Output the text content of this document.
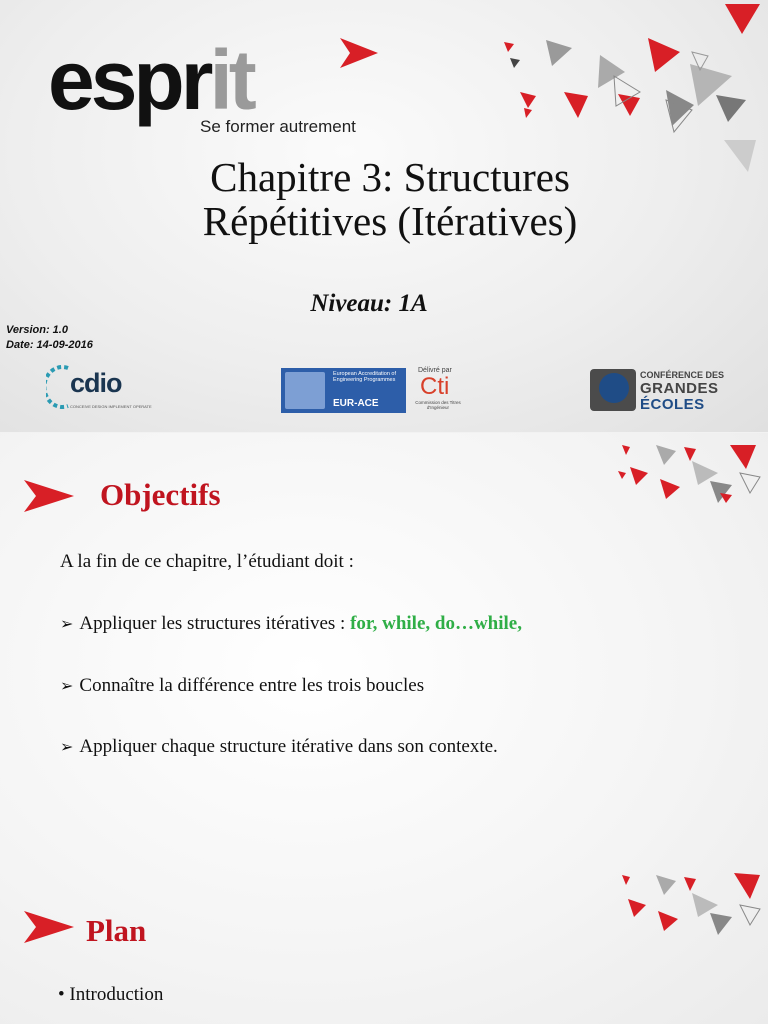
esprit
Se former autrement
Chapitre 3: Structures
Répétitives (Itératives)
Niveau: 1A
Version: 1.0
Date: 14-09-2016
cdio
CONCEIVE DESIGN IMPLEMENT OPERATE
European Accreditation of Engineering Programmes
EUR-ACE
Délivré par
Cti
Commission des Titres d'Ingénieur
CONFÉRENCE DES
GRANDES
ÉCOLES
Objectifs
A la fin de ce chapitre, l’étudiant doit :
➢ Appliquer les structures itératives : for, while, do…while,
➢ Connaître la différence entre les trois boucles
➢ Appliquer chaque structure itérative dans son contexte.
Plan
• Introduction
